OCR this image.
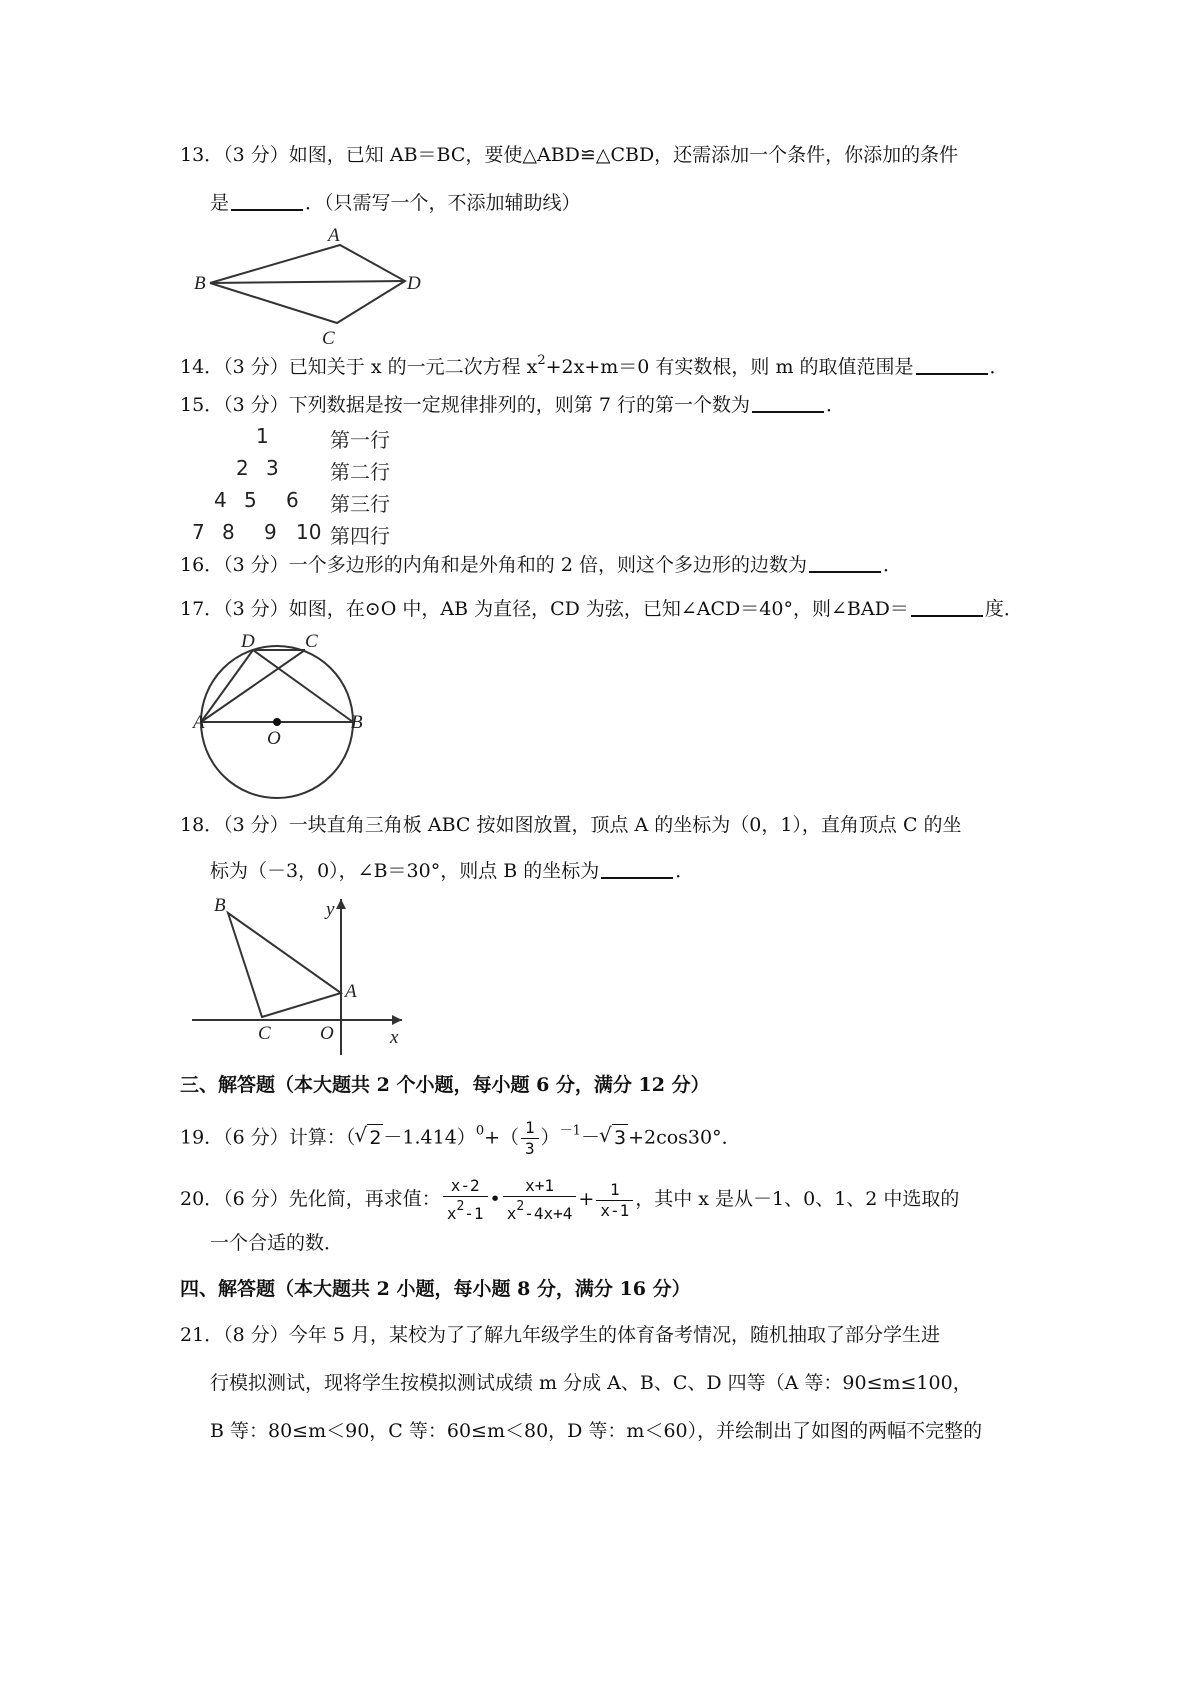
13．（3 分）如图，已知 AB＝BC，要使△ABD≌△CBD，还需添加一个条件，你添加的条件
是	．（只需写一个，不添加辅助线）
A
B	D
C
14．（3 分）已知关于 x 的一元二次方程 $x^2+2x+m=0$ 有实数根，则 m 的取值范围是	．
15．（3 分）下列数据是按一定规律排列的，则第 7 行的第一个数为	．
1	第一行
2 3	第二行
4 5 6 第三行
7 8 9 10 第四行
16．（3 分）一个多边形的内角和是外角和的 2 倍，则这个多边形的边数为	．
17．（3 分）如图，在⊙O 中，AB 为直径，CD 为弦，已知∠ACD＝40°，则∠BAD＝	度．
D	C
A	B
O
18．（3 分）一块直角三角板 ABC 按如图放置，顶点 A 的坐标为（0，1），直角顶点 C 的坐
标为（－3，0），∠B＝30°，则点 B 的坐标为	．
B
A
C	O
y
x
三、解答题（本大题共 2 个小题，每小题 6 分，满分 12 分）
19．（6 分）计算：（√ $2 -1.414)^0+( \frac{1}{3} )^{-1}-√$ 3 +2cos30°．
20．（6 分）先化简，再求值： $\frac{x-2}{x^2-1}$ • $\frac{x+1}{x^2-4x+4} + \frac{1}{x-1}$ ，其中 x 是从－1、0、1、2 中选取的
一个合适的数．
四、解答题（本大题共 2 小题，每小题 8 分，满分 16 分）
21．（8 分）今年 5 月，某校为了了解九年级学生的体育备考情况，随机抽取了部分学生进
行模拟测试，现将学生按模拟测试成绩 m 分成 A、B、C、D 四等（A 等：90≤m≤100，
B 等：80≤m＜90，C 等：60≤m＜80，D 等：m＜60），并绘制出了如图的两幅不完整的
